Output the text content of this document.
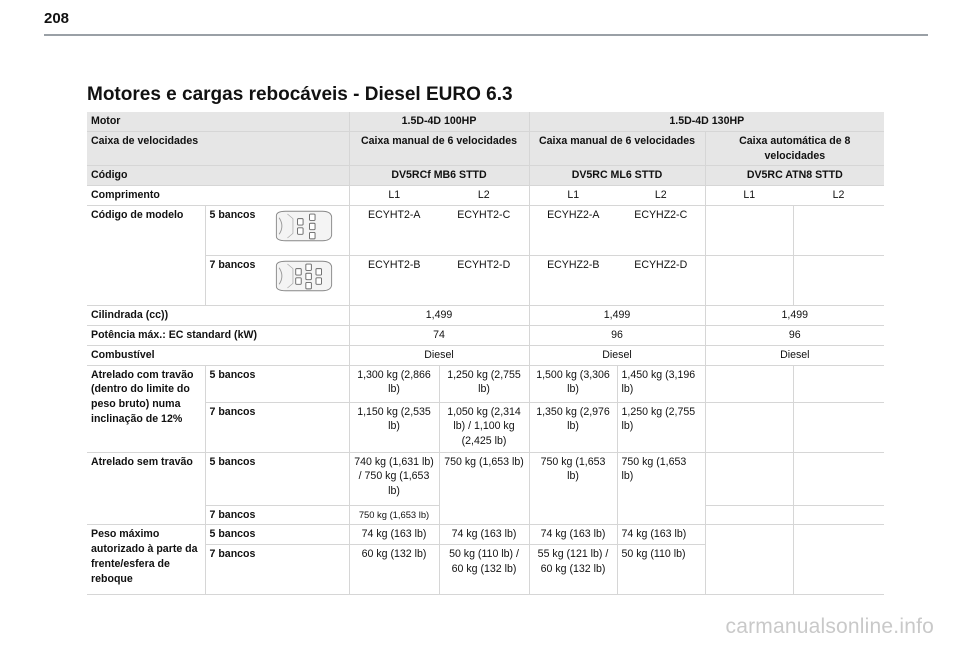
208
Motores e cargas rebocáveis - Diesel EURO 6.3
Motor			1.5D-4D 100HP		1.5D-4D 130HP			
Caixa de velocidades			Caixa manual de 6 velocidades		Caixa manual de 6 velocidades		Caixa automática de 8 velocidades	
Código			DV5RCf MB6 STTD		DV5RC ML6 STTD		DV5RC ATN8 STTD	
Comprimento			L1	L2	L1	L2	L1	L2
Código de modelo	5 bancos		ECYHT2-A	ECYHT2-C	ECYHZ2-A	ECYHZ2-C		
	7 bancos		ECYHT2-B	ECYHT2-D	ECYHZ2-B	ECYHZ2-D		
Cilindrada (cc))			1,499		1,499		1,499	
Potência máx.: EC standard (kW)			74		96		96	
Combustível			Diesel		Diesel		Diesel	
Atrelado com travão (dentro do limite do peso bruto) numa inclinação de 12%	5 bancos		1,300 kg (2,866 lb)	1,250 kg (2,755 lb)	1,500 kg (3,306 lb)	1,450 kg (3,196 lb)		
	7 bancos		1,150 kg (2,535 lb)	1,050 kg (2,314 lb) / 1,100 kg (2,425 lb)	1,350 kg (2,976 lb)	1,250 kg (2,755 lb)		
Atrelado sem travão	5 bancos		740 kg (1,631 lb) / 750 kg (1,653 lb)	750 kg (1,653 lb)	750 kg (1,653 lb)	750 kg (1,653 lb)		
	7 bancos		750 kg (1,653 lb)					
Peso máximo autorizado à parte da frente/esfera de reboque	5 bancos		74 kg (163 lb)	74 kg (163 lb)	74 kg (163 lb)	74 kg (163 lb)		
	7 bancos		60 kg (132 lb)	50 kg (110 lb) / 60 kg (132 lb)	55 kg (121 lb) / 60 kg (132 lb)	50 kg (110 lb)		
carmanualsonline.info
